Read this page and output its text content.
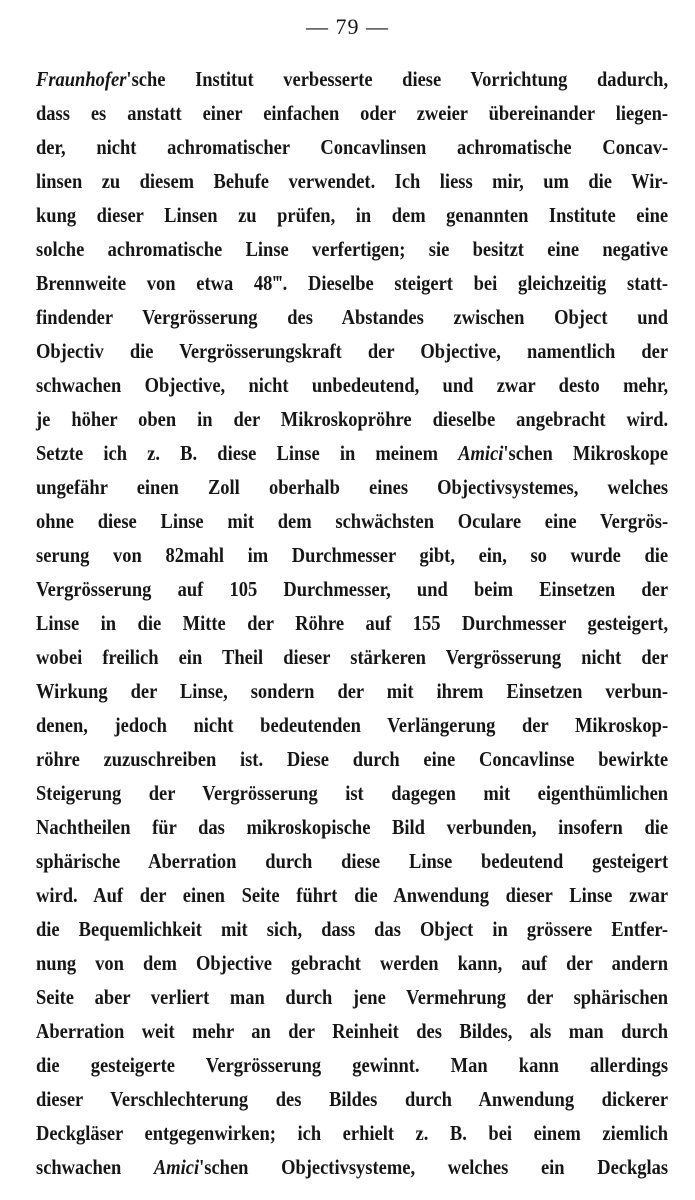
— 79 —
Fraunhofer'sche Institut verbesserte diese Vorrichtung dadurch,
dass es anstatt einer einfachen oder zweier übereinander liegen-
der, nicht achromatischer Concavlinsen achromatische Concav-
linsen zu diesem Behufe verwendet. Ich liess mir, um die Wir-
kung dieser Linsen zu prüfen, in dem genannten Institute eine
solche achromatische Linse verfertigen; sie besitzt eine negative
Brennweite von etwa 48‴. Dieselbe steigert bei gleichzeitig statt-
findender Vergrösserung des Abstandes zwischen Object und
Objectiv die Vergrösserungskraft der Objective, namentlich der
schwachen Objective, nicht unbedeutend, und zwar desto mehr,
je höher oben in der Mikroskopröhre dieselbe angebracht wird.
Setzte ich z. B. diese Linse in meinem Amici'schen Mikroskope
ungefähr einen Zoll oberhalb eines Objectivsystemes, welches
ohne diese Linse mit dem schwächsten Oculare eine Vergrös-
serung von 82mahl im Durchmesser gibt, ein, so wurde die
Vergrösserung auf 105 Durchmesser, und beim Einsetzen der
Linse in die Mitte der Röhre auf 155 Durchmesser gesteigert,
wobei freilich ein Theil dieser stärkeren Vergrösserung nicht der
Wirkung der Linse, sondern der mit ihrem Einsetzen verbun-
denen, jedoch nicht bedeutenden Verlängerung der Mikroskop-
röhre zuzuschreiben ist. Diese durch eine Concavlinse bewirkte
Steigerung der Vergrösserung ist dagegen mit eigenthümlichen
Nachtheilen für das mikroskopische Bild verbunden, insofern die
sphärische Aberration durch diese Linse bedeutend gesteigert
wird. Auf der einen Seite führt die Anwendung dieser Linse zwar
die Bequemlichkeit mit sich, dass das Object in grössere Entfer-
nung von dem Objective gebracht werden kann, auf der andern
Seite aber verliert man durch jene Vermehrung der sphärischen
Aberration weit mehr an der Reinheit des Bildes, als man durch
die gesteigerte Vergrösserung gewinnt. Man kann allerdings
dieser Verschlechterung des Bildes durch Anwendung dickerer
Deckgläser entgegenwirken; ich erhielt z. B. bei einem ziemlich
schwachen Amici'schen Objectivsysteme, welches ein Deckglas
